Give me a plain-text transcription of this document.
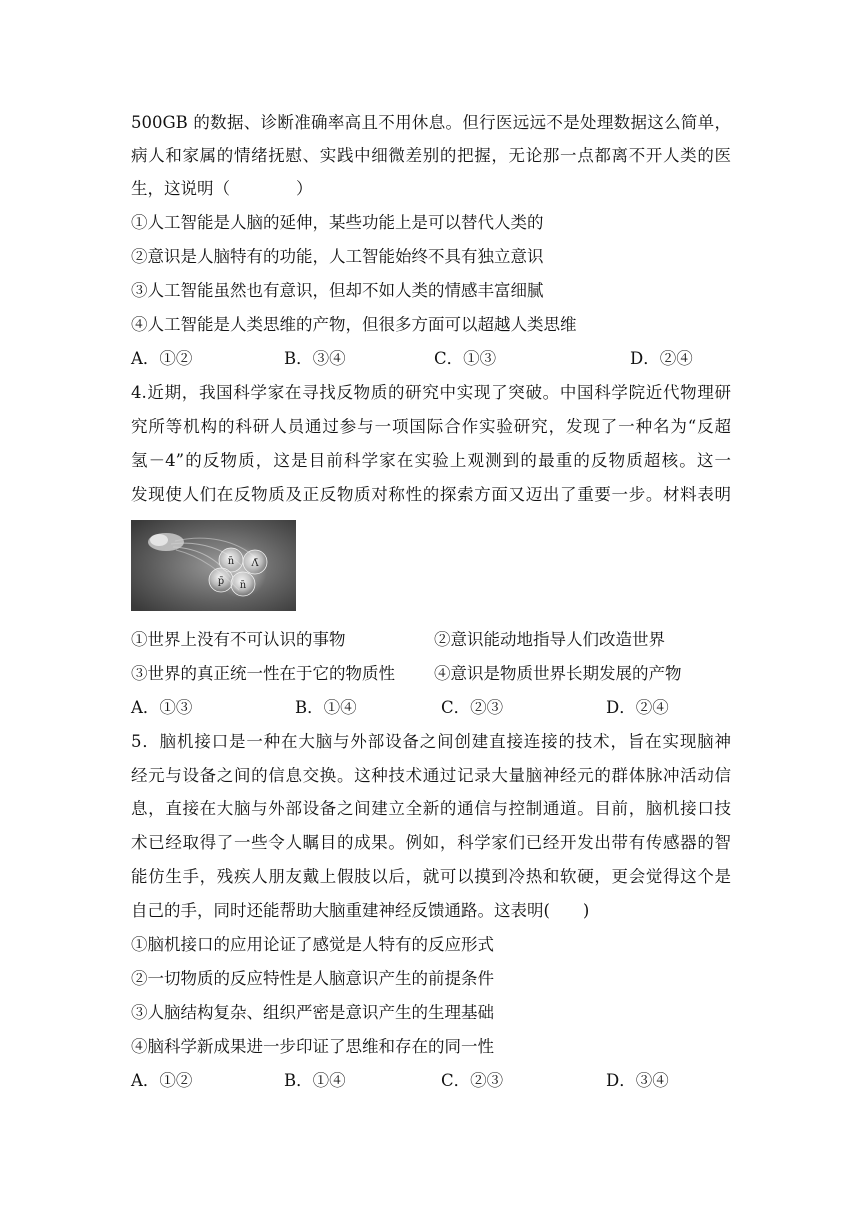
500GB 的数据、诊断准确率高且不用休息。但行医远远不是处理数据这么简单，
病人和家属的情绪抚慰、实践中细微差别的把握，无论那一点都离不开人类的医
生，这说明（　　　　）
①人工智能是人脑的延伸，某些功能上是可以替代人类的
②意识是人脑特有的功能，人工智能始终不具有独立意识
③人工智能虽然也有意识，但却不如人类的情感丰富细腻
④人工智能是人类思维的产物，但很多方面可以超越人类思维
A．①②	B．③④	C．①③	D．②④
4.近期，我国科学家在寻找反物质的研究中实现了突破。中国科学院近代物理研
究所等机构的科研人员通过参与一项国际合作实验研究，发现了一种名为“反超
氢－4”的反物质，这是目前科学家在实验上观测到的最重的反物质超核。这一
发现使人们在反物质及正反物质对称性的探索方面又迈出了重要一步。材料表明
n̄ Λ̄
p̄ n̄
①世界上没有不可认识的事物	②意识能动地指导人们改造世界
③世界的真正统一性在于它的物质性 ④意识是物质世界长期发展的产物
A．①③	B．①④	C．②③	D．②④
5．脑机接口是一种在大脑与外部设备之间创建直接连接的技术，旨在实现脑神
经元与设备之间的信息交换。这种技术通过记录大量脑神经元的群体脉冲活动信
息，直接在大脑与外部设备之间建立全新的通信与控制通道。目前，脑机接口技
术已经取得了一些令人瞩目的成果。例如，科学家们已经开发出带有传感器的智
能仿生手，残疾人朋友戴上假肢以后，就可以摸到冷热和软硬，更会觉得这个是
自己的手，同时还能帮助大脑重建神经反馈通路。这表明(　　)
①脑机接口的应用论证了感觉是人特有的反应形式
②一切物质的反应特性是人脑意识产生的前提条件
③人脑结构复杂、组织严密是意识产生的生理基础
④脑科学新成果进一步印证了思维和存在的同一性
A．①②	B．①④	C．②③	D．③④
